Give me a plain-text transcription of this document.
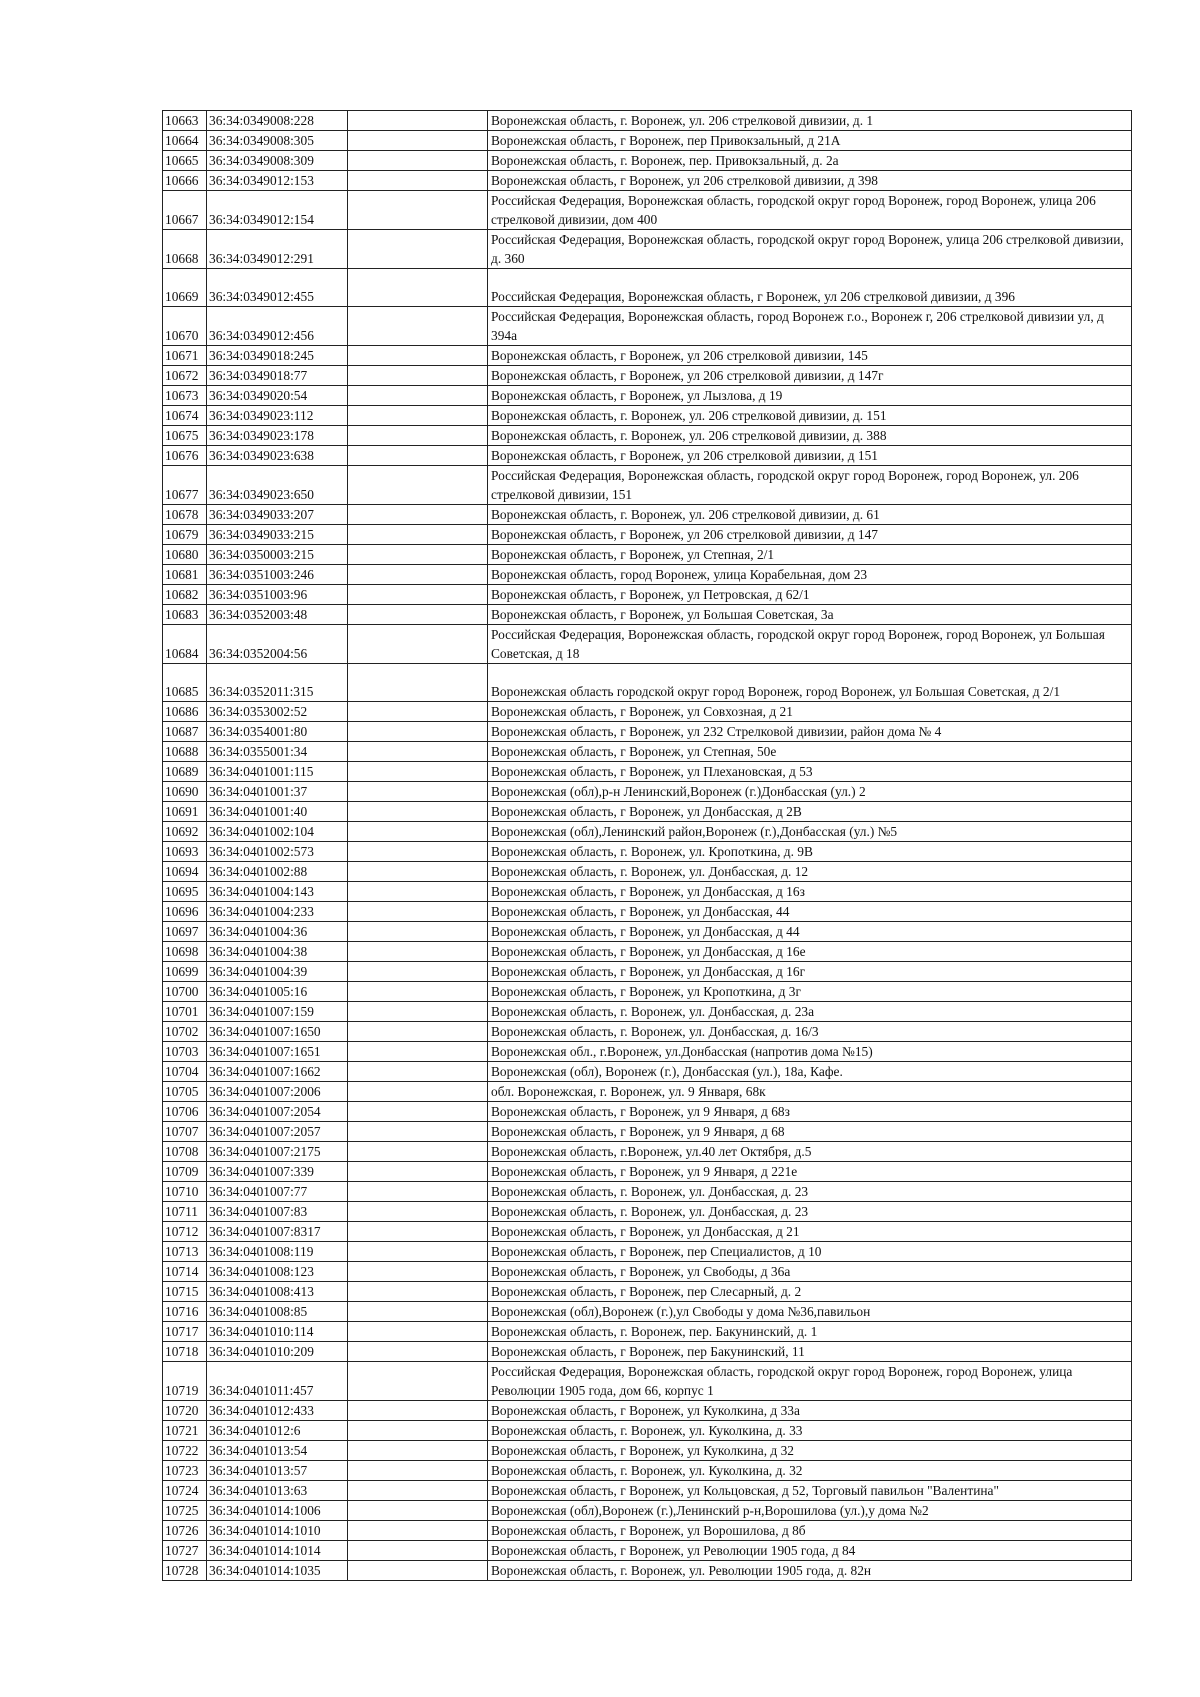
10663	36:34:0349008:228		Воронежская область, г. Воронеж, ул. 206 стрелковой дивизии, д. 1
10664	36:34:0349008:305		Воронежская область, г Воронеж, пер Привокзальный, д 21А
10665	36:34:0349008:309		Воронежская область, г. Воронеж, пер. Привокзальный, д. 2а
10666	36:34:0349012:153		Воронежская область, г Воронеж, ул 206 стрелковой дивизии, д 398
10667	36:34:0349012:154		Российская Федерация, Воронежская область, городской округ город Воронеж, город Воронеж, улица 206 стрелковой дивизии, дом 400
10668	36:34:0349012:291		Российская Федерация, Воронежская область, городской округ город Воронеж, улица 206 стрелковой дивизии, д. 360
10669	36:34:0349012:455		Российская Федерация, Воронежская область, г Воронеж, ул 206 стрелковой дивизии, д 396
10670	36:34:0349012:456		Российская Федерация, Воронежская область, город Воронеж г.о., Воронеж г, 206 стрелковой дивизии ул, д 394а
10671	36:34:0349018:245		Воронежская область, г Воронеж, ул 206 стрелковой дивизии, 145
10672	36:34:0349018:77		Воронежская область, г Воронеж, ул 206 стрелковой дивизии, д 147г
10673	36:34:0349020:54		Воронежская область, г Воронеж, ул Лызлова, д 19
10674	36:34:0349023:112		Воронежская область, г. Воронеж, ул. 206 стрелковой дивизии, д. 151
10675	36:34:0349023:178		Воронежская область, г. Воронеж, ул. 206 стрелковой дивизии, д. 388
10676	36:34:0349023:638		Воронежская область, г Воронеж, ул 206 стрелковой дивизии, д 151
10677	36:34:0349023:650		Российская Федерация, Воронежская область, городской округ город Воронеж, город Воронеж, ул. 206 стрелковой дивизии, 151
10678	36:34:0349033:207		Воронежская область, г. Воронеж, ул. 206 стрелковой дивизии, д. 61
10679	36:34:0349033:215		Воронежская область, г Воронеж, ул 206 стрелковой дивизии, д 147
10680	36:34:0350003:215		Воронежская область, г Воронеж, ул Степная, 2/1
10681	36:34:0351003:246		Воронежская область, город Воронеж, улица Корабельная, дом 23
10682	36:34:0351003:96		Воронежская область, г Воронеж, ул Петровская, д 62/1
10683	36:34:0352003:48		Воронежская область, г Воронеж, ул Большая Советская, 3а
10684	36:34:0352004:56		Российская Федерация, Воронежская область, городской округ город Воронеж, город Воронеж, ул Большая Советская, д 18
10685	36:34:0352011:315		Воронежская область городской округ город Воронеж, город Воронеж, ул Большая Советская, д 2/1
10686	36:34:0353002:52		Воронежская область, г Воронеж, ул Совхозная, д 21
10687	36:34:0354001:80		Воронежская область, г Воронеж, ул 232 Стрелковой дивизии, район дома № 4
10688	36:34:0355001:34		Воронежская область, г Воронеж, ул Степная, 50е
10689	36:34:0401001:115		Воронежская область, г Воронеж, ул Плехановская, д 53
10690	36:34:0401001:37		Воронежская (обл),р-н Ленинский,Воронеж (г.)Донбасская (ул.) 2
10691	36:34:0401001:40		Воронежская область, г Воронеж, ул Донбасская, д 2В
10692	36:34:0401002:104		Воронежская (обл),Ленинский район,Воронеж (г.),Донбасская (ул.) №5
10693	36:34:0401002:573		Воронежская область, г. Воронеж, ул. Кропоткина, д. 9В
10694	36:34:0401002:88		Воронежская область, г. Воронеж, ул. Донбасская, д. 12
10695	36:34:0401004:143		Воронежская область, г Воронеж, ул Донбасская, д 16з
10696	36:34:0401004:233		Воронежская область, г Воронеж, ул Донбасская, 44
10697	36:34:0401004:36		Воронежская область, г Воронеж, ул Донбасская, д 44
10698	36:34:0401004:38		Воронежская область, г Воронеж, ул Донбасская, д 16е
10699	36:34:0401004:39		Воронежская область, г Воронеж, ул Донбасская, д 16г
10700	36:34:0401005:16		Воронежская область, г Воронеж, ул Кропоткина, д 3г
10701	36:34:0401007:159		Воронежская область, г. Воронеж, ул. Донбасская, д. 23а
10702	36:34:0401007:1650		Воронежская область, г. Воронеж, ул. Донбасская, д. 16/3
10703	36:34:0401007:1651		Воронежская обл., г.Воронеж, ул.Донбасская (напротив дома №15)
10704	36:34:0401007:1662		Воронежская (обл), Воронеж (г.), Донбасская (ул.), 18а, Кафе.
10705	36:34:0401007:2006		обл. Воронежская, г. Воронеж, ул. 9 Января, 68к
10706	36:34:0401007:2054		Воронежская область, г Воронеж, ул 9 Января, д 68з
10707	36:34:0401007:2057		Воронежская область, г Воронеж, ул 9 Января, д 68
10708	36:34:0401007:2175		Воронежская область, г.Воронеж, ул.40 лет Октября, д.5
10709	36:34:0401007:339		Воронежская область, г Воронеж, ул 9 Января, д 221е
10710	36:34:0401007:77		Воронежская область, г. Воронеж, ул. Донбасская, д. 23
10711	36:34:0401007:83		Воронежская область, г. Воронеж, ул. Донбасская, д. 23
10712	36:34:0401007:8317		Воронежская область, г Воронеж, ул Донбасская, д 21
10713	36:34:0401008:119		Воронежская область, г Воронеж, пер Специалистов, д 10
10714	36:34:0401008:123		Воронежская область, г Воронеж, ул Свободы, д 36а
10715	36:34:0401008:413		Воронежская область, г Воронеж, пер Слесарный, д. 2
10716	36:34:0401008:85		Воронежская (обл),Воронеж (г.),ул Свободы у дома №36,павильон
10717	36:34:0401010:114		Воронежская область, г. Воронеж, пер. Бакунинский, д. 1
10718	36:34:0401010:209		Воронежская область, г Воронеж, пер Бакунинский, 11
10719	36:34:0401011:457		Российская Федерация, Воронежская область, городской округ город Воронеж, город Воронеж, улица Революции 1905 года, дом 66, корпус 1
10720	36:34:0401012:433		Воронежская область, г Воронеж, ул Куколкина, д 33а
10721	36:34:0401012:6		Воронежская область, г. Воронеж, ул. Куколкина, д. 33
10722	36:34:0401013:54		Воронежская область, г Воронеж, ул Куколкина, д 32
10723	36:34:0401013:57		Воронежская область, г. Воронеж, ул. Куколкина, д. 32
10724	36:34:0401013:63		Воронежская область, г Воронеж, ул Кольцовская, д 52, Торговый павильон "Валентина"
10725	36:34:0401014:1006		Воронежская (обл),Воронеж (г.),Ленинский р-н,Ворошилова (ул.),у дома №2
10726	36:34:0401014:1010		Воронежская область, г Воронеж, ул Ворошилова, д 8б
10727	36:34:0401014:1014		Воронежская область, г Воронеж, ул Революции 1905 года, д 84
10728	36:34:0401014:1035		Воронежская область, г. Воронеж, ул. Революции 1905 года, д. 82н
